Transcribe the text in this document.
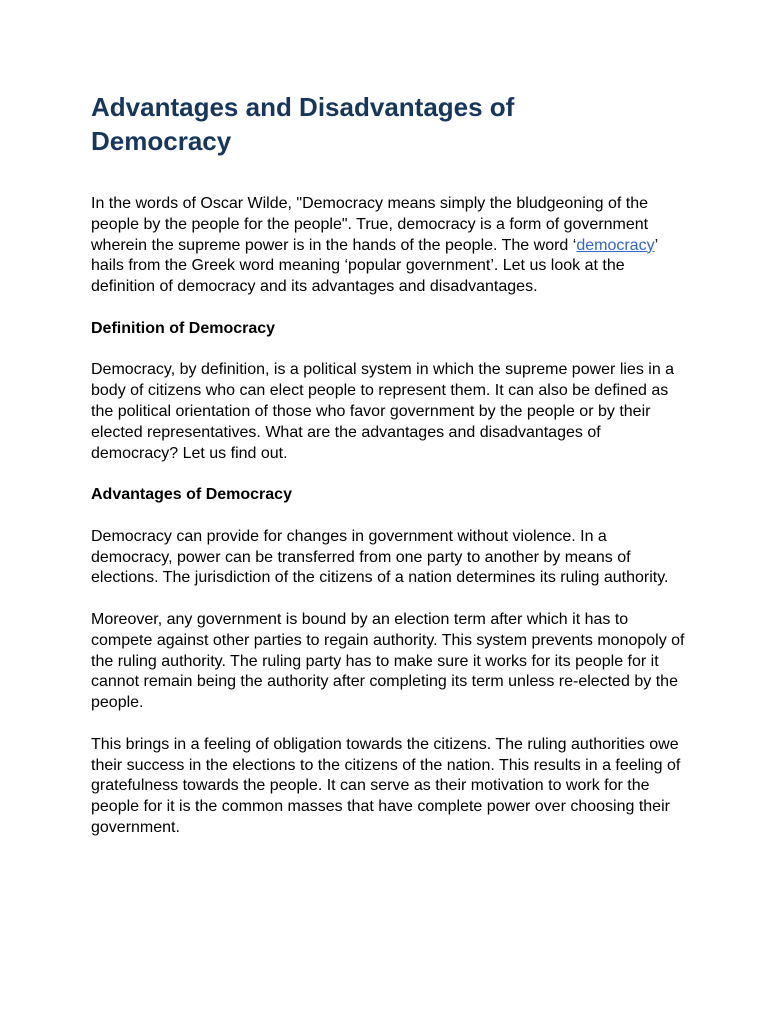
Advantages and Disadvantages of
Democracy

In the words of Oscar Wilde, "Democracy means simply the bludgeoning of the people by the people for the people". True, democracy is a form of government wherein the supreme power is in the hands of the people. The word ‘democracy’ hails from the Greek word meaning ‘popular government’. Let us look at the definition of democracy and its advantages and disadvantages.

Definition of Democracy

Democracy, by definition, is a political system in which the supreme power lies in a body of citizens who can elect people to represent them. It can also be defined as the political orientation of those who favor government by the people or by their elected representatives. What are the advantages and disadvantages of democracy? Let us find out.

Advantages of Democracy

Democracy can provide for changes in government without violence. In a democracy, power can be transferred from one party to another by means of elections. The jurisdiction of the citizens of a nation determines its ruling authority.

Moreover, any government is bound by an election term after which it has to compete against other parties to regain authority. This system prevents monopoly of the ruling authority. The ruling party has to make sure it works for its people for it cannot remain being the authority after completing its term unless re-elected by the people.

This brings in a feeling of obligation towards the citizens. The ruling authorities owe their success in the elections to the citizens of the nation. This results in a feeling of gratefulness towards the people. It can serve as their motivation to work for the people for it is the common masses that have complete power over choosing their government.
